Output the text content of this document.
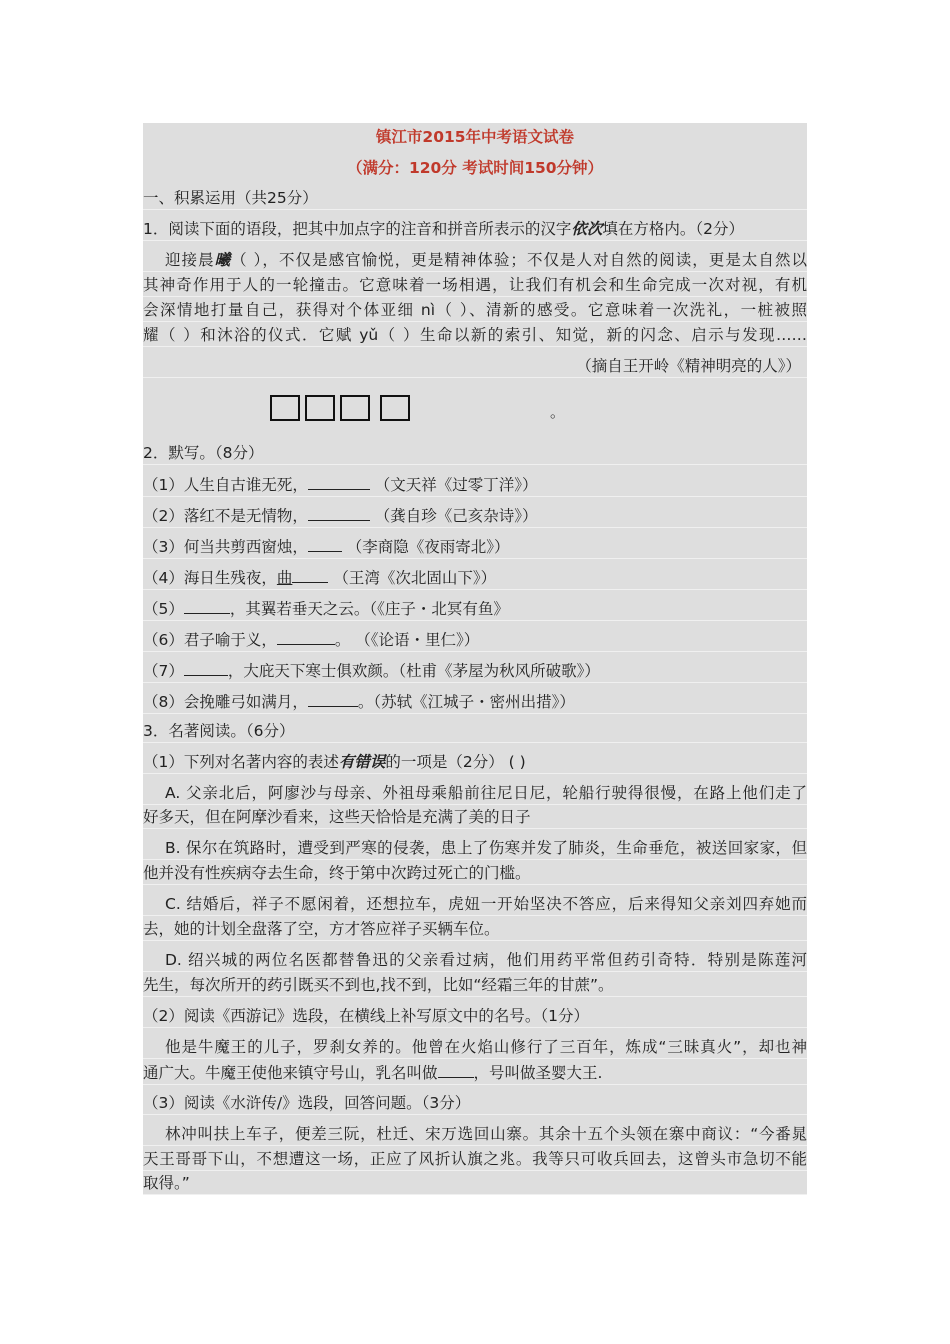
镇江市2015年中考语文试卷
（满分：120分 考试时间150分钟）
一、积累运用（共25分）
1．阅读下面的语段，把其中加点字的注音和拼音所表示的汉字依次填在方格内。（2分）
迎接晨曦（ ），不仅是感官愉悦，更是精神体验；不仅是人对自然的阅读，更是太自然以
其神奇作用于人的一轮撞击。它意味着一场相遇，让我们有机会和生命完成一次对视，有机
会深情地打量自己，获得对个体亚细 nì（ ）、清新的感受。它意味着一次洗礼，一桩被照
耀（ ）和沐浴的仪式．它赋 yǔ（ ）生命以新的索引、知觉，新的闪念、启示与发现……
（摘自王开岭《精神明亮的人》）
。
2．默写。（8分）
（1）人生自古谁无死，	（文天祥《过零丁洋》）
（2）落红不是无情物，	（龚自珍《己亥杂诗》）
（3）何当共剪西窗烛， （李商隐《夜雨寄北》）
（4）海日生残夜，曲 （王湾《次北固山下》）
（5）	，其翼若垂天之云。（《庄子・北冥有鱼》
（6）君子喻于义，	。 （《论语・里仁》）
（7）	，大庇天下寒士俱欢颜。（杜甫《茅屋为秋风所破歌》）
（8）会挽雕弓如满月，	。（苏轼《江城子・密州出措》）
3．名著阅读。（6分）
（1）下列对名著内容的表述有错误的一项是（2分） ( )
A. 父亲北后，阿廖沙与母亲、外祖母乘船前往尼日尼，轮船行驶得很慢，在路上他们走了
好多天，但在阿摩沙看来，这些天恰恰是充满了美的日子
B. 保尔在筑路时，遭受到严寒的侵袭，患上了伤寒并发了肺炎，生命垂危，被送回家家，但
他并没有性疾病夺去生命，终于第中次跨过死亡的门槛。
C. 结婚后，祥子不愿闲着，还想拉车，虎妞一开始坚决不答应，后来得知父亲刘四弃她而
去，她的计划全盘落了空，方才答应祥子买辆车位。
D. 绍兴城的两位名医都替鲁迅的父亲看过病，他们用药平常但药引奇特．特别是陈莲河
先生，每次所开的药引既买不到也,找不到，比如“经霜三年的甘蔗”。
（2）阅读《西游记》选段，在横线上补写原文中的名号。（1分）
他是牛魔王的儿子，罗刹女养的。他曾在火焰山修行了三百年，炼成“三昧真火”，却也神
通广大。牛魔王使他来镇守号山，乳名叫做 ，号叫做圣婴大王.
（3）阅读《水浒传/》选段，回答问题。（3分）
林冲叫扶上车子，便差三阮，杜迁、宋万选回山寨。其余十五个头领在寨中商议：“今番晁
天王哥哥下山，不想遭这一场，正应了风折认旗之兆。我等只可收兵回去，这曾头市急切不能
取得。”
